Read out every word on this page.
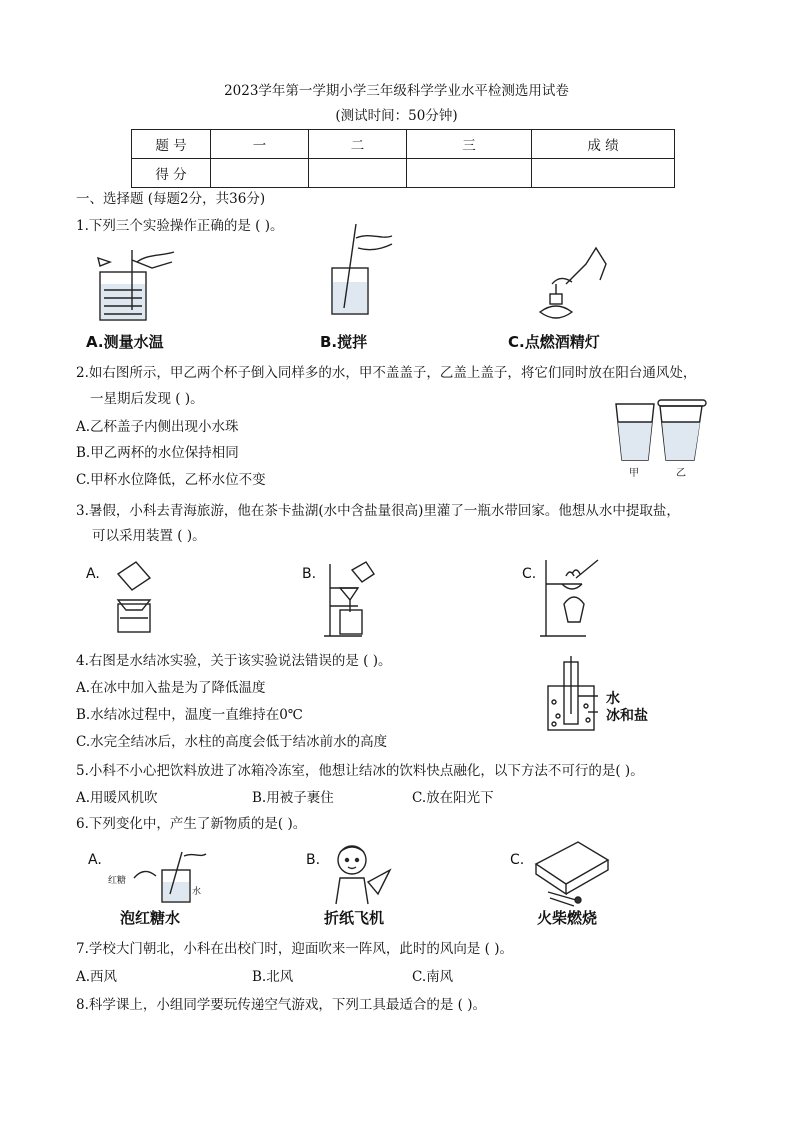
2023学年第一学期小学三年级科学学业水平检测选用试卷
(测试时间：50分钟)
题 号	一	二	三	成 绩
得 分				
一、选择题 (每题2分，共36分)
1.下列三个实验操作正确的是 ( )。
A.测量水温	B.搅拌	C.点燃酒精灯
2.如右图所示，甲乙两个杯子倒入同样多的水，甲不盖盖子，乙盖上盖子，将它们同时放在阳台通风处，
一星期后发现 ( )。
A.乙杯盖子内侧出现小水珠
B.甲乙两杯的水位保持相同
C.甲杯水位降低，乙杯水位不变	甲	乙
3.暑假，小科去青海旅游，他在茶卡盐湖(水中含盐量很高)里灌了一瓶水带回家。他想从水中提取盐，
可以采用装置 ( )。
A.	B.	C.
4.右图是水结冰实验，关于该实验说法错误的是 ( )。
A.在冰中加入盐是为了降低温度
B.水结冰过程中，温度一直维持在0℃
C.水完全结冰后，水柱的高度会低于结冰前水的高度
水
冰和盐
5.小科不小心把饮料放进了冰箱冷冻室，他想让结冰的饮料快点融化，以下方法不可行的是( )。
A.用暖风机吹	B.用被子裹住	C.放在阳光下
6.下列变化中，产生了新物质的是( )。
A.
红糖
水
泡红糖水
B.
折纸飞机
C.
火柴燃烧
7.学校大门朝北，小科在出校门时，迎面吹来一阵风，此时的风向是 ( )。
A.西风	B.北风	C.南风
8.科学课上，小组同学要玩传递空气游戏，下列工具最适合的是 ( )。
